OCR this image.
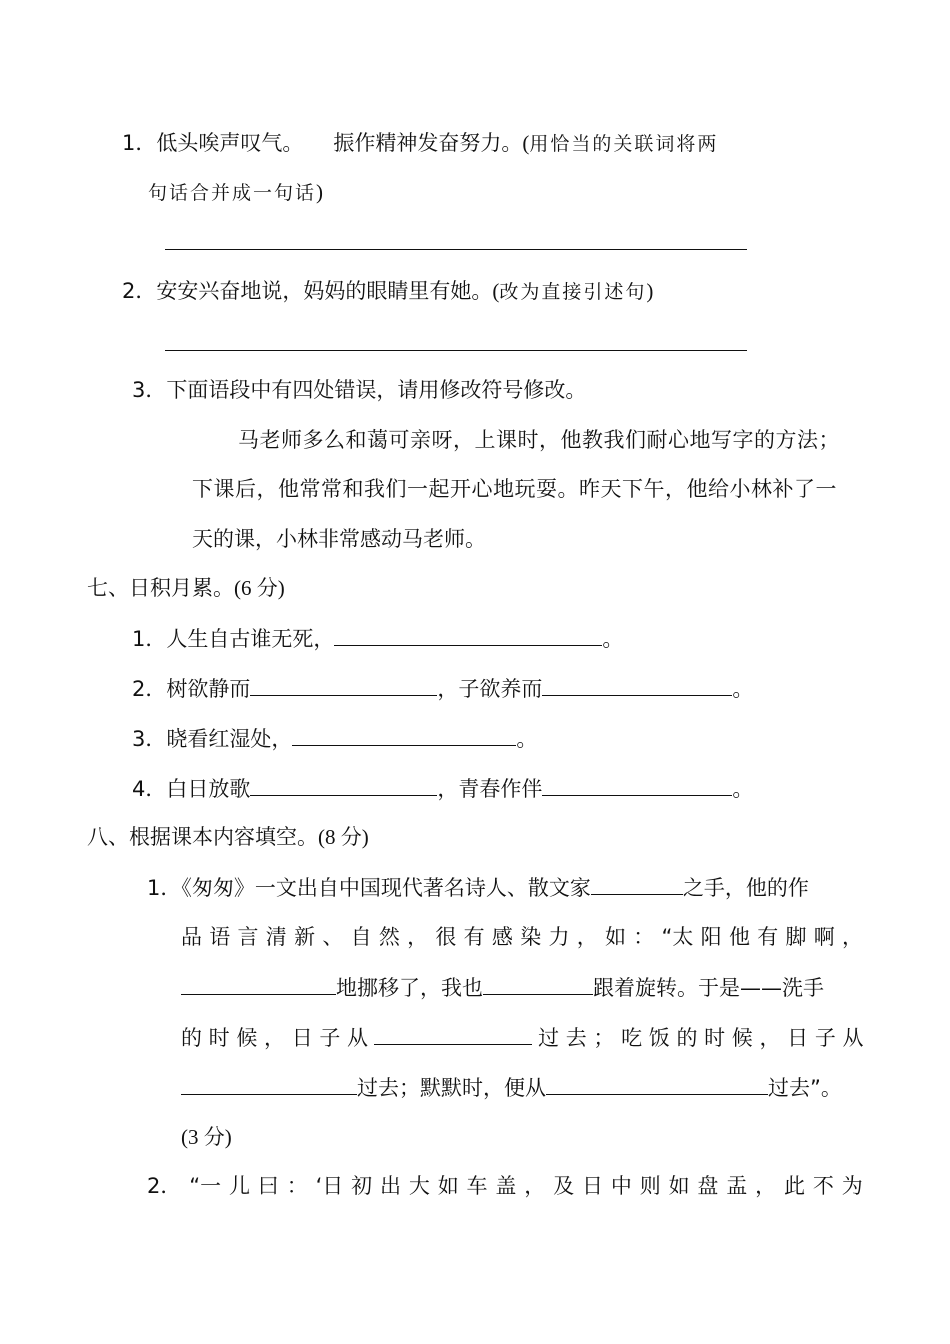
1．低头唉声叹气。 振作精神发奋努力。(用恰当的关联词将两
句话合并成一句话)
2．安安兴奋地说，妈妈的眼睛里有她。(改为直接引述句)
3．下面语段中有四处错误，请用修改符号修改。
马老师多么和蔼可亲呀，上课时，他教我们耐心地写字的方法；
下课后，他常常和我们一起开心地玩耍。昨天下午，他给小林补了一
天的课，小林非常感动马老师。
七、日积月累。(6 分)
1．人生自古谁无死，	。
2．树欲静而	，子欲养而	。
3．晓看红湿处，	。
4．白日放歌	，青春作伴	。
八、根据课本内容填空。(8 分)
1．《匆匆》一文出自中国现代著名诗人、散文家	之手，他的作
品 语 言 清 新 、 自 然 ， 很 有 感 染 力 ， 如 ： “太 阳 他 有 脚 啊 ，
地挪移了，我也	跟着旋转。于是——洗手
的 时 候 ， 日 子 从	过 去 ； 吃 饭 的 时 候 ， 日 子 从
过去；默默时，便从	过去”。
(3 分)
2． “一 儿 曰 ： ‘日 初 出 大 如 车 盖 ， 及 日 中 则 如 盘 盂 ， 此 不 为
